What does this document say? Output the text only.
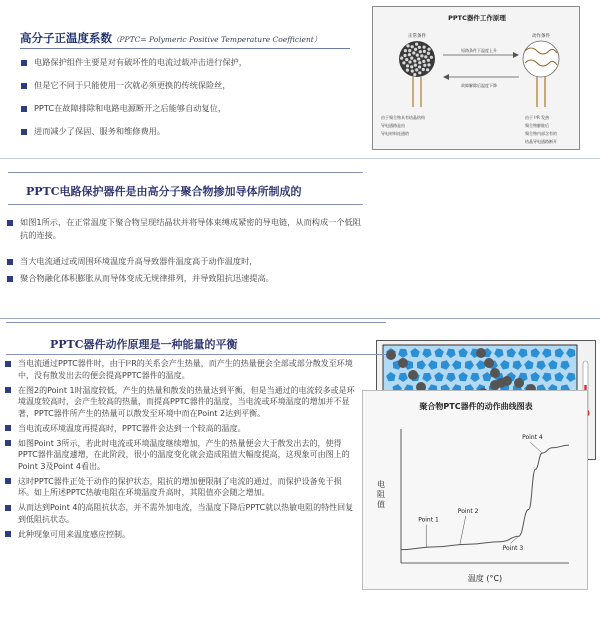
高分子正温度系数（PPTC= Polymeric Positive Temperature Coefficient）
电路保护组件主要是对有破坏性的电流过载冲击进行保护，
但是它不同于只能使用一次就必须更换的传统保险丝，
PPTC在故障排除和电路电源断开之后能够自动复位，
进而减少了保固、服务和维修费用。
PPTC器件工作原理
正常条件	动作条件
短路条件下温度上升
故障解除后温度下降
由于聚合物具有结晶结构
导电通路是由
导电材料连通的
由于 I²R 发热
聚合物膨胀后
聚合物内部含有的
结晶导电通路断开
PPTC电路保护器件是由高分子聚合物掺加导体所制成的
如图1所示，在正常温度下聚合物呈现结晶状并将导体束缚成紧密的导电链，从而构成一个低阻抗的连接。
当大电流通过或周围环境温度升高导致器件温度高于动作温度时，
聚合物融化体积膨胀从而导体变成无规律排列，并导致阻抗迅速提高。
PPTC器件动作原理是一种能量的平衡
当电流通过PPTC器件时，由于I²R的关系会产生热量，而产生的热量便会全部或部分散发至环境中，没有散发出去的便会提高PPTC器件的温度。
在图2的Point 1时温度较低，产生的热量和散发的热量达到平衡，但是当通过的电流较多或是环境温度较高时，会产生较高的热量，而提高PPTC器件的温度，当电流或环境温度的增加并不显著，PPTC器件所产生的热量可以散发至环境中而在Point 2达到平衡。
当电流或环境温度再提高时，PPTC器件会达到一个较高的温度。
如图Point 3所示，若此时电流或环境温度继续增加，产生的热量便会大于散发出去的，使得PPTC器件温度遽增，在此阶段，很小的温度变化就会造成阻值大幅度提高，这现象可由图上的Point 3及Point 4看出。
这时PPTC器件正处于动作的保护状态，阻抗的增加便限制了电流的通过，而保护设备免于损坏。如上所述PPTC热敏电阻在环境温度升高时，其阻值亦会随之增加。
从而达到Point 4的高阻抗状态，并不需外加电流，当温度下降后PPTC就以热敏电阻的特性回复到低阻抗状态。
此种现象可用来温度感应控制。
聚合物PTC器件的动作曲线图表
Point 1
Point 2
Point 3
Point 4
温度 (°C)
电阻值
